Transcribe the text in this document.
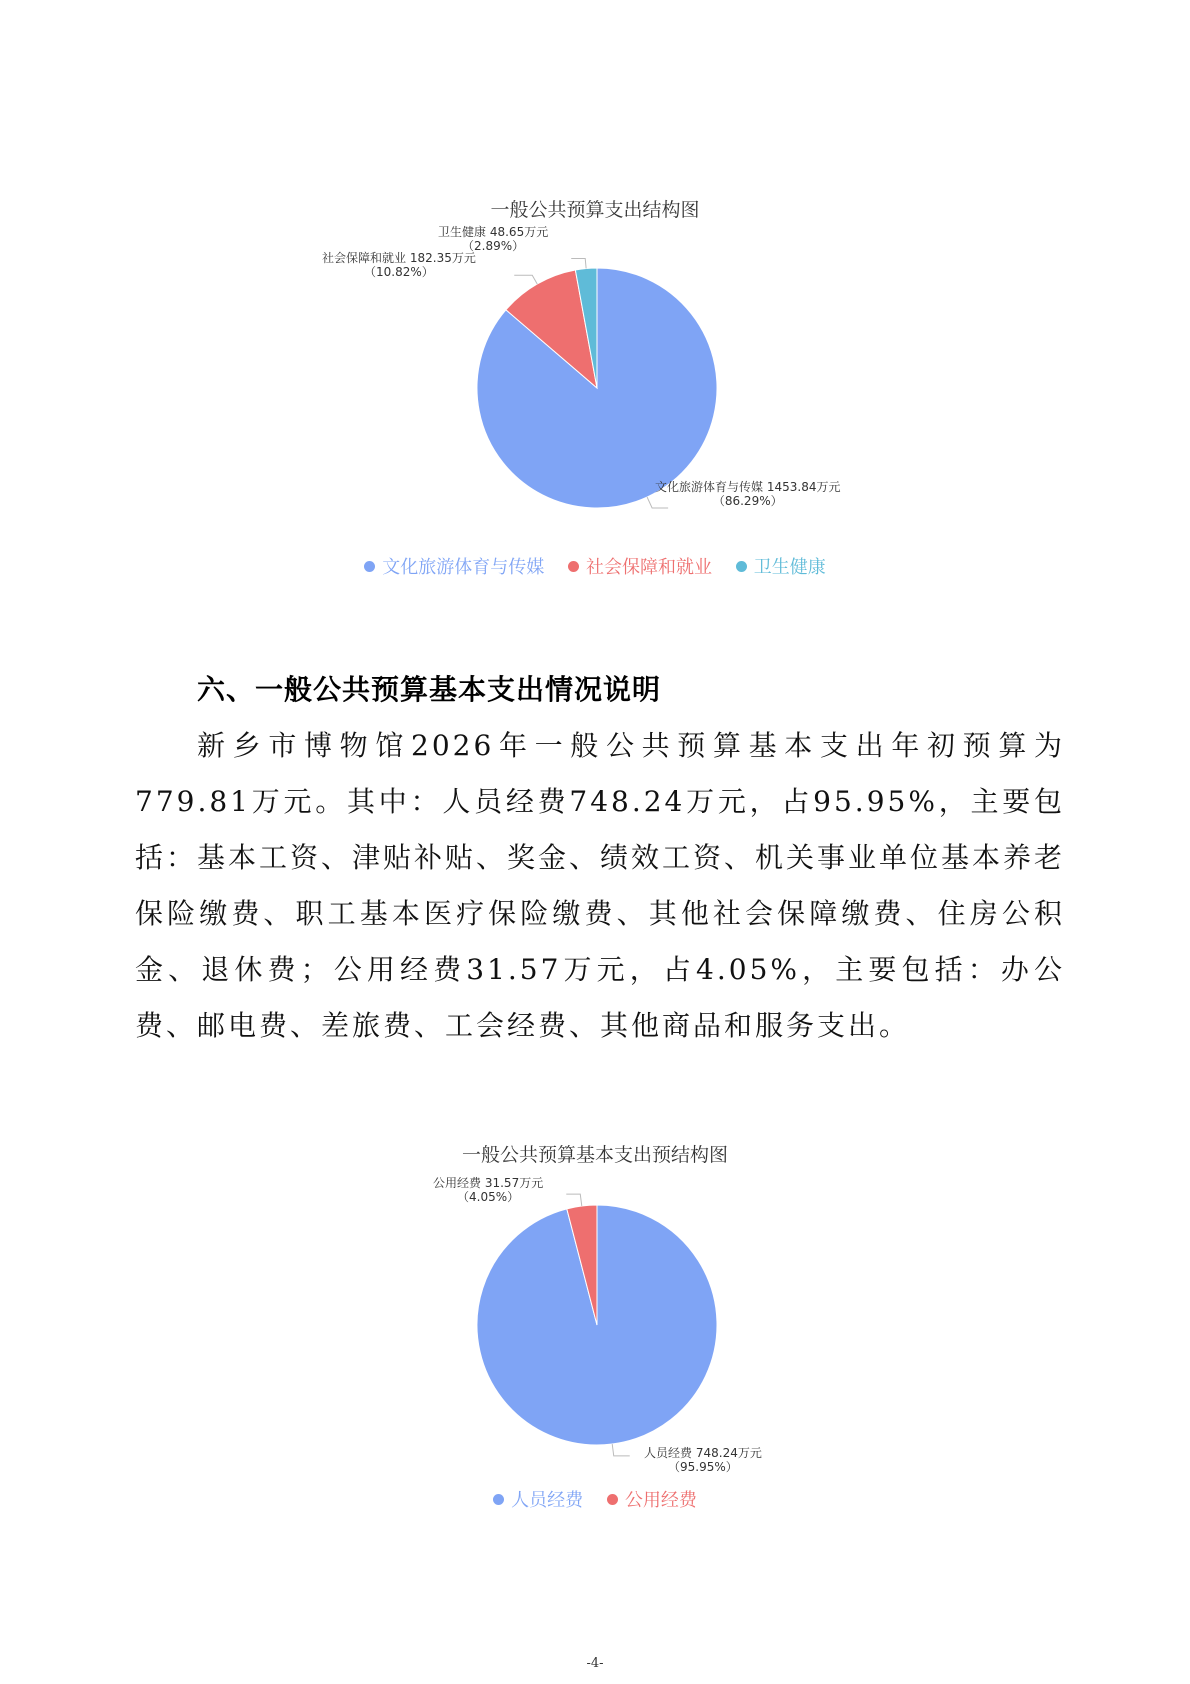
一般公共预算支出结构图
文化旅游体育与传媒 1453.84万元
（86.29%）
社会保障和就业 182.35万元
（10.82%）
卫生健康 48.65万元
（2.89%）
文化旅游体育与传媒 社会保障和就业 卫生健康
六、一般公共预算基本支出情况说明

新乡市博物馆2026年一般公共预算基本支出年初预算为779.81万元。其中：人员经费748.24万元，占95.95%，主要包括：基本工资、津贴补贴、奖金、绩效工资、机关事业单位基本养老保险缴费、职工基本医疗保险缴费、其他社会保障缴费、住房公积金、退休费；公用经费31.57万元，占4.05%，主要包括：办公费、邮电费、差旅费、工会经费、其他商品和服务支出。

一般公共预算基本支出预结构图
人员经费 748.24万元
（95.95%）
公用经费 31.57万元
（4.05%）
人员经费 公用经费
-4-
